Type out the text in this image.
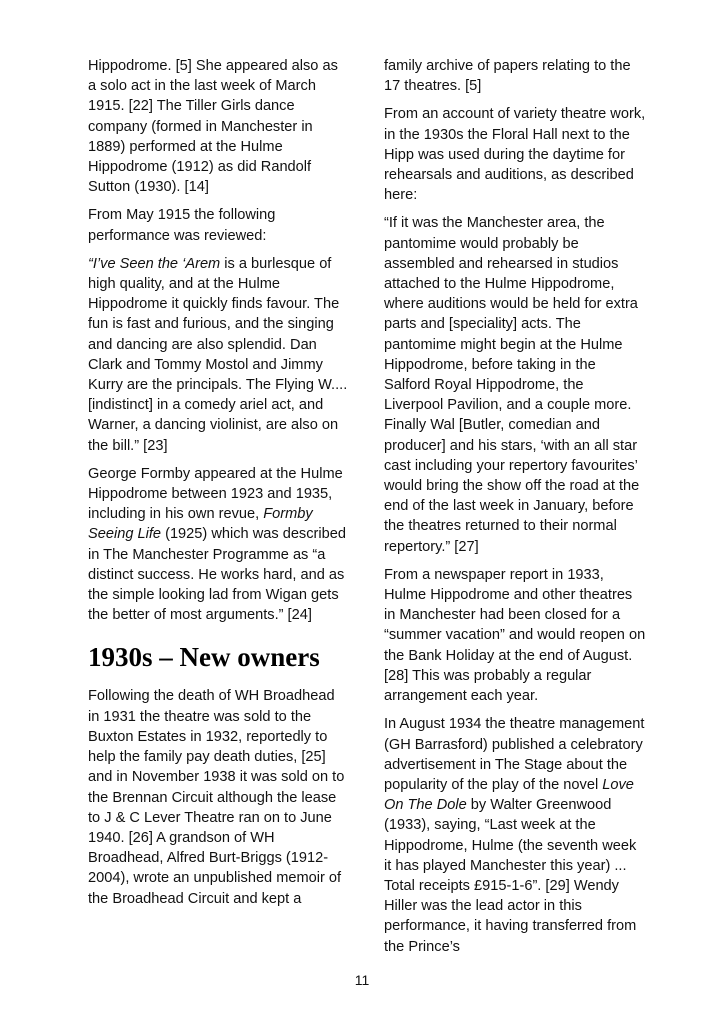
Hippodrome. [5] She appeared also as a solo act in the last week of March 1915. [22] The Tiller Girls dance company (formed in Manchester in 1889) performed at the Hulme Hippodrome (1912) as did Randolf Sutton (1930). [14]

From May 1915 the following performance was reviewed:

“I’ve Seen the ‘Arem is a burlesque of high quality, and at the Hulme Hippodrome it quickly finds favour. The fun is fast and furious, and the singing and dancing are also splendid. Dan Clark and Tommy Mostol and Jimmy Kurry are the principals. The Flying W.... [indistinct] in a comedy ariel act, and Warner, a dancing violinist, are also on the bill.” [23]

George Formby appeared at the Hulme Hippodrome between 1923 and 1935, including in his own revue, Formby Seeing Life (1925) which was described in The Manchester Programme as “a distinct success. He works hard, and as the simple looking lad from Wigan gets the better of most arguments.” [24]

1930s – New owners

Following the death of WH Broadhead in 1931 the theatre was sold to the Buxton Estates in 1932, reportedly to help the family pay death duties, [25] and in November 1938 it was sold on to the Brennan Circuit although the lease to J & C Lever Theatre ran on to June 1940. [26] A grandson of WH Broadhead, Alfred Burt-Briggs (1912-2004), wrote an unpublished memoir of the Broadhead Circuit and kept a

family archive of papers relating to the 17 theatres. [5]

From an account of variety theatre work, in the 1930s the Floral Hall next to the Hipp was used during the daytime for rehearsals and auditions, as described here:

“If it was the Manchester area, the pantomime would probably be assembled and rehearsed in studios attached to the Hulme Hippodrome, where auditions would be held for extra parts and [speciality] acts. The pantomime might begin at the Hulme Hippodrome, before taking in the Salford Royal Hippodrome, the Liverpool Pavilion, and a couple more. Finally Wal [Butler, comedian and producer] and his stars, ‘with an all star cast including your repertory favourites’ would bring the show off the road at the end of the last week in January, before the theatres returned to their normal repertory.” [27]

From a newspaper report in 1933, Hulme Hippodrome and other theatres in Manchester had been closed for a “summer vacation” and would reopen on the Bank Holiday at the end of August. [28] This was probably a regular arrangement each year.

In August 1934 the theatre management (GH Barrasford) published a celebratory advertisement in The Stage about the popularity of the play of the novel Love On The Dole by Walter Greenwood (1933), saying, “Last week at the Hippodrome, Hulme (the seventh week it has played Manchester this year) ... Total receipts £915-1-6”. [29] Wendy Hiller was the lead actor in this performance, it having transferred from the Prince’s

11
